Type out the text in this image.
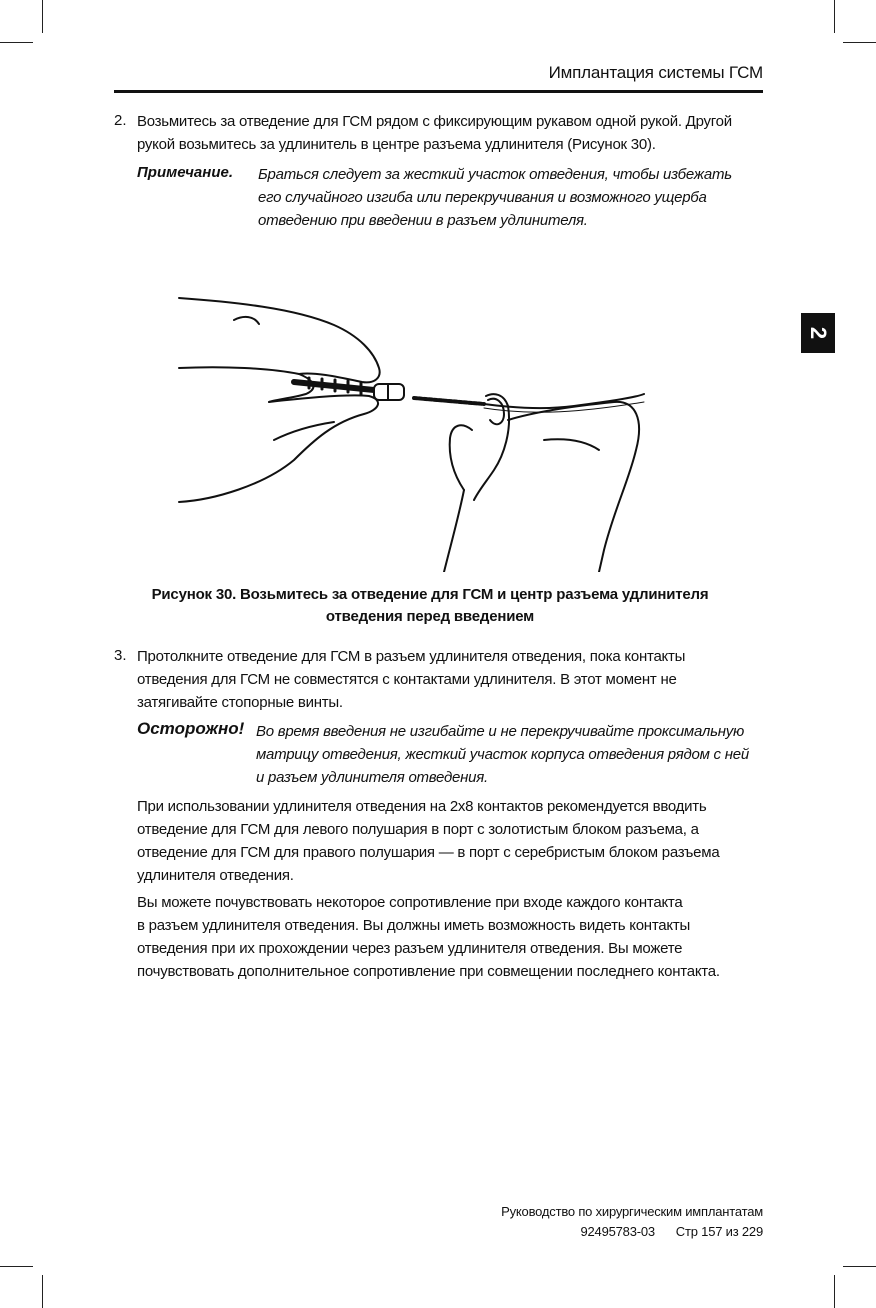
Имплантация системы ГСМ
2
2. Возьмитесь за отведение для ГСМ рядом с фиксирующим рукавом одной рукой. Другой
рукой возьмитесь за удлинитель в центре разъема удлинителя (Рисунок 30).
Примечание. Браться следует за жесткий участок отведения, чтобы избежать
его случайного изгиба или перекручивания и возможного ущерба
отведению при введении в разъем удлинителя.
Рисунок 30. Возьмитесь за отведение для ГСМ и центр разъема удлинителя
отведения перед введением
3. Протолкните отведение для ГСМ в разъем удлинителя отведения, пока контакты
отведения для ГСМ не совместятся с контактами удлинителя. В этот момент не
затягивайте стопорные винты.
Осторожно! Во время введения не изгибайте и не перекручивайте проксимальную
матрицу отведения, жесткий участок корпуса отведения рядом с ней
и разъем удлинителя отведения.
При использовании удлинителя отведения на 2x8 контактов рекомендуется вводить
отведение для ГСМ для левого полушария в порт с золотистым блоком разъема, а
отведение для ГСМ для правого полушария — в порт с серебристым блоком разъема
удлинителя отведения.
Вы можете почувствовать некоторое сопротивление при входе каждого контакта
в разъем удлинителя отведения. Вы должны иметь возможность видеть контакты
отведения при их прохождении через разъем удлинителя отведения. Вы можете
почувствовать дополнительное сопротивление при совмещении последнего контакта.
Руководство по хирургическим имплантатам
92495783-03 Стр 157 из 229
